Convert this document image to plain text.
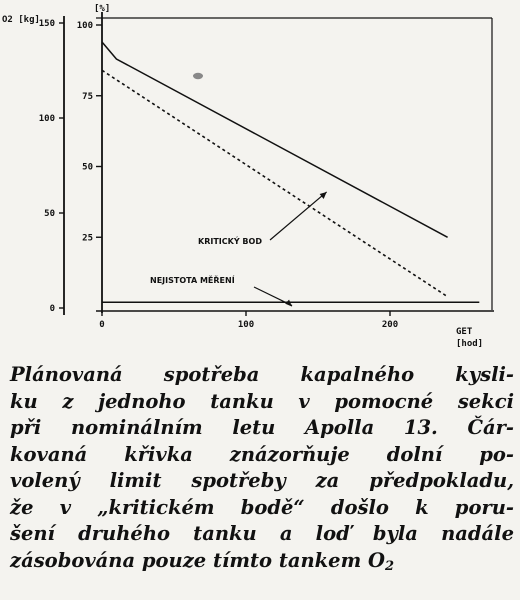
150
100
50
0
O2 [kg]
100
75
50
25
[%]
0	100	200
GET
[hod]
KRITICKÝ BOD
NEJISTOTA MĚŘENÍ
Plánovaná spotřeba kapalného kysli-
ku z jednoho tanku v pomocné sekci
při nominálním letu Apolla 13. Čár-
kovaná křivka znázorňuje dolní po-
volený limit spotřeby za předpokladu,
že v „kritickém bodě“ došlo k poru-
šení druhého tanku a loď byla nadále
zásobována pouze tímto tankem O2
